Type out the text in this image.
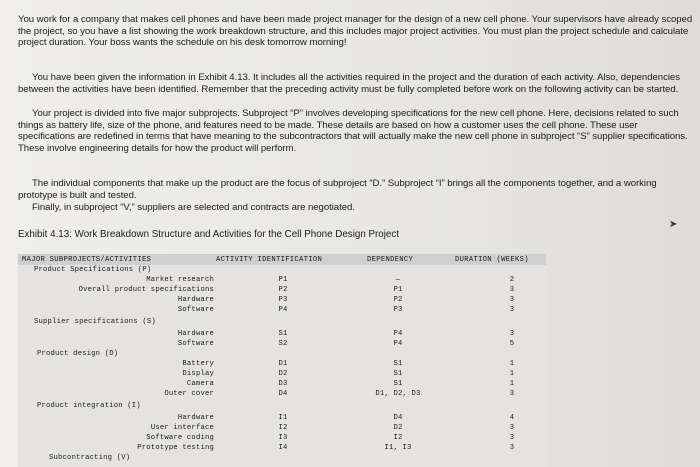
You work for a company that makes cell phones and have been made project manager for the design of a new cell phone. Your supervisors have already scoped the project, so you have a list showing the work breakdown structure, and this includes major project activities. You must plan the project schedule and calculate project duration. Your boss wants the schedule on his desk tomorrow morning!

You have been given the information in Exhibit 4.13. It includes all the activities required in the project and the duration of each activity. Also, dependencies between the activities have been identified. Remember that the preceding activity must be fully completed before work on the following activity can be started.

Your project is divided into five major subprojects. Subproject “P” involves developing specifications for the new cell phone. Here, decisions related to such things as battery life, size of the phone, and features need to be made. These details are based on how a customer uses the cell phone. These user specifications are redefined in terms that have meaning to the subcontractors that will actually make the new cell phone in subproject “S” supplier specifications. These involve engineering details for how the product will perform.

The individual components that make up the product are the focus of subproject “D.” Subproject “I” brings all the components together, and a working prototype is built and tested.

Finally, in subproject “V,” suppliers are selected and contracts are negotiated.

Exhibit 4.13: Work Breakdown Structure and Activities for the Cell Phone Design Project
➤
MAJOR SUBPROJECTS/ACTIVITIES	ACTIVITY IDENTIFICATION	DEPENDENCY	DURATION (WEEKS)
Product Specifications (P)
Market research	P1	—	2
Overall product specifications	P2	P1	3
Hardware	P3	P2	3
Software	P4	P3	3
Supplier specifications (S)
Hardware	S1	P4	3
Software	S2	P4	5
Product design (D)
Battery	D1	S1	1
Display	D2	S1	1
Camera	D3	S1	1
Outer cover	D4	D1, D2, D3	3
Product integration (I)
Hardware	I1	D4	4
User interface	I2	D2	3
Software coding	I3	I2	3
Prototype testing	I4	I1, I3	3
Subcontracting (V)
